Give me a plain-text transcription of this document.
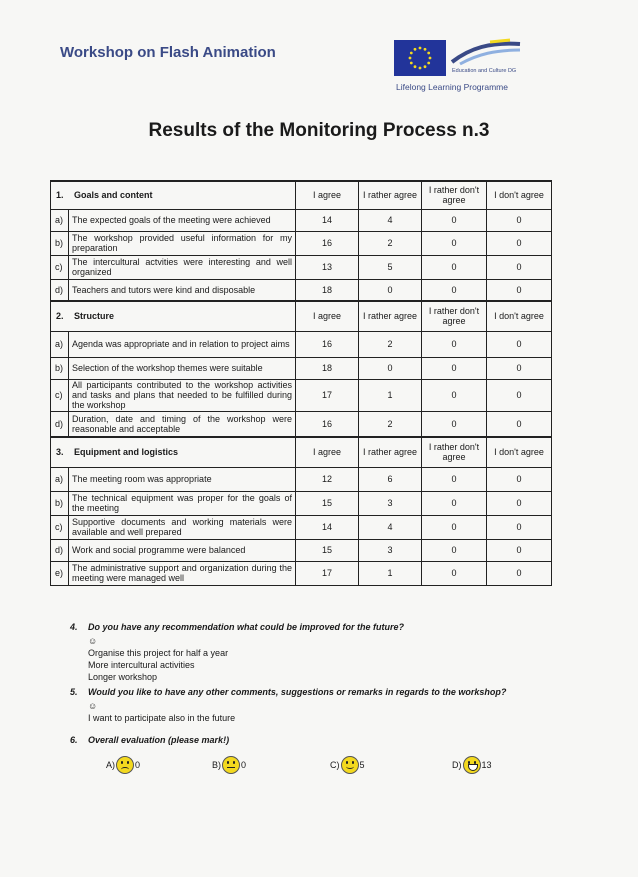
Workshop on Flash Animation
Education and Culture DG
Lifelong Learning Programme
Results of the Monitoring Process n.3
1. Goals and content		I agree	I rather agree	I rather don't agree	I don't agree
a)	The expected goals of the meeting were achieved	14	4	0	0
b)	The workshop provided useful information for my preparation	16	2	0	0
c)	The intercultural actvities were interesting and well organized	13	5	0	0
d)	Teachers and tutors were kind and disposable	18	0	0	0
2. Structure		I agree	I rather agree	I rather don't agree	I don't agree
a)	Agenda was appropriate and in relation to project aims	16	2	0	0
b)	Selection of the workshop themes were suitable	18	0	0	0
c)	All participants contributed to the workshop activities and tasks and plans that needed to be fulfilled during the workshop	17	1	0	0
d)	Duration, date and timing of the workshop were reasonable and acceptable	16	2	0	0
3. Equipment and logistics		I agree	I rather agree	I rather don't agree	I don't agree
a)	The meeting room was appropriate	12	6	0	0
b)	The technical equipment was proper for the goals of the meeting	15	3	0	0
c)	Supportive documents and working materials were available and well prepared	14	4	0	0
d)	Work and social programme were balanced	15	3	0	0
e)	The administrative support and organization during the meeting were managed well	17	1	0	0
4. Do you have any recommendation what could be improved for the future?
☺
Organise this project for half a year
More intercultural activities
Longer workshop
5. Would you like to have any other comments, suggestions or remarks in regards to the workshop?
☺
I want to participate also in the future
6. Overall evaluation (please mark!)
A) 0	B) 0	C) 5	D) 13
